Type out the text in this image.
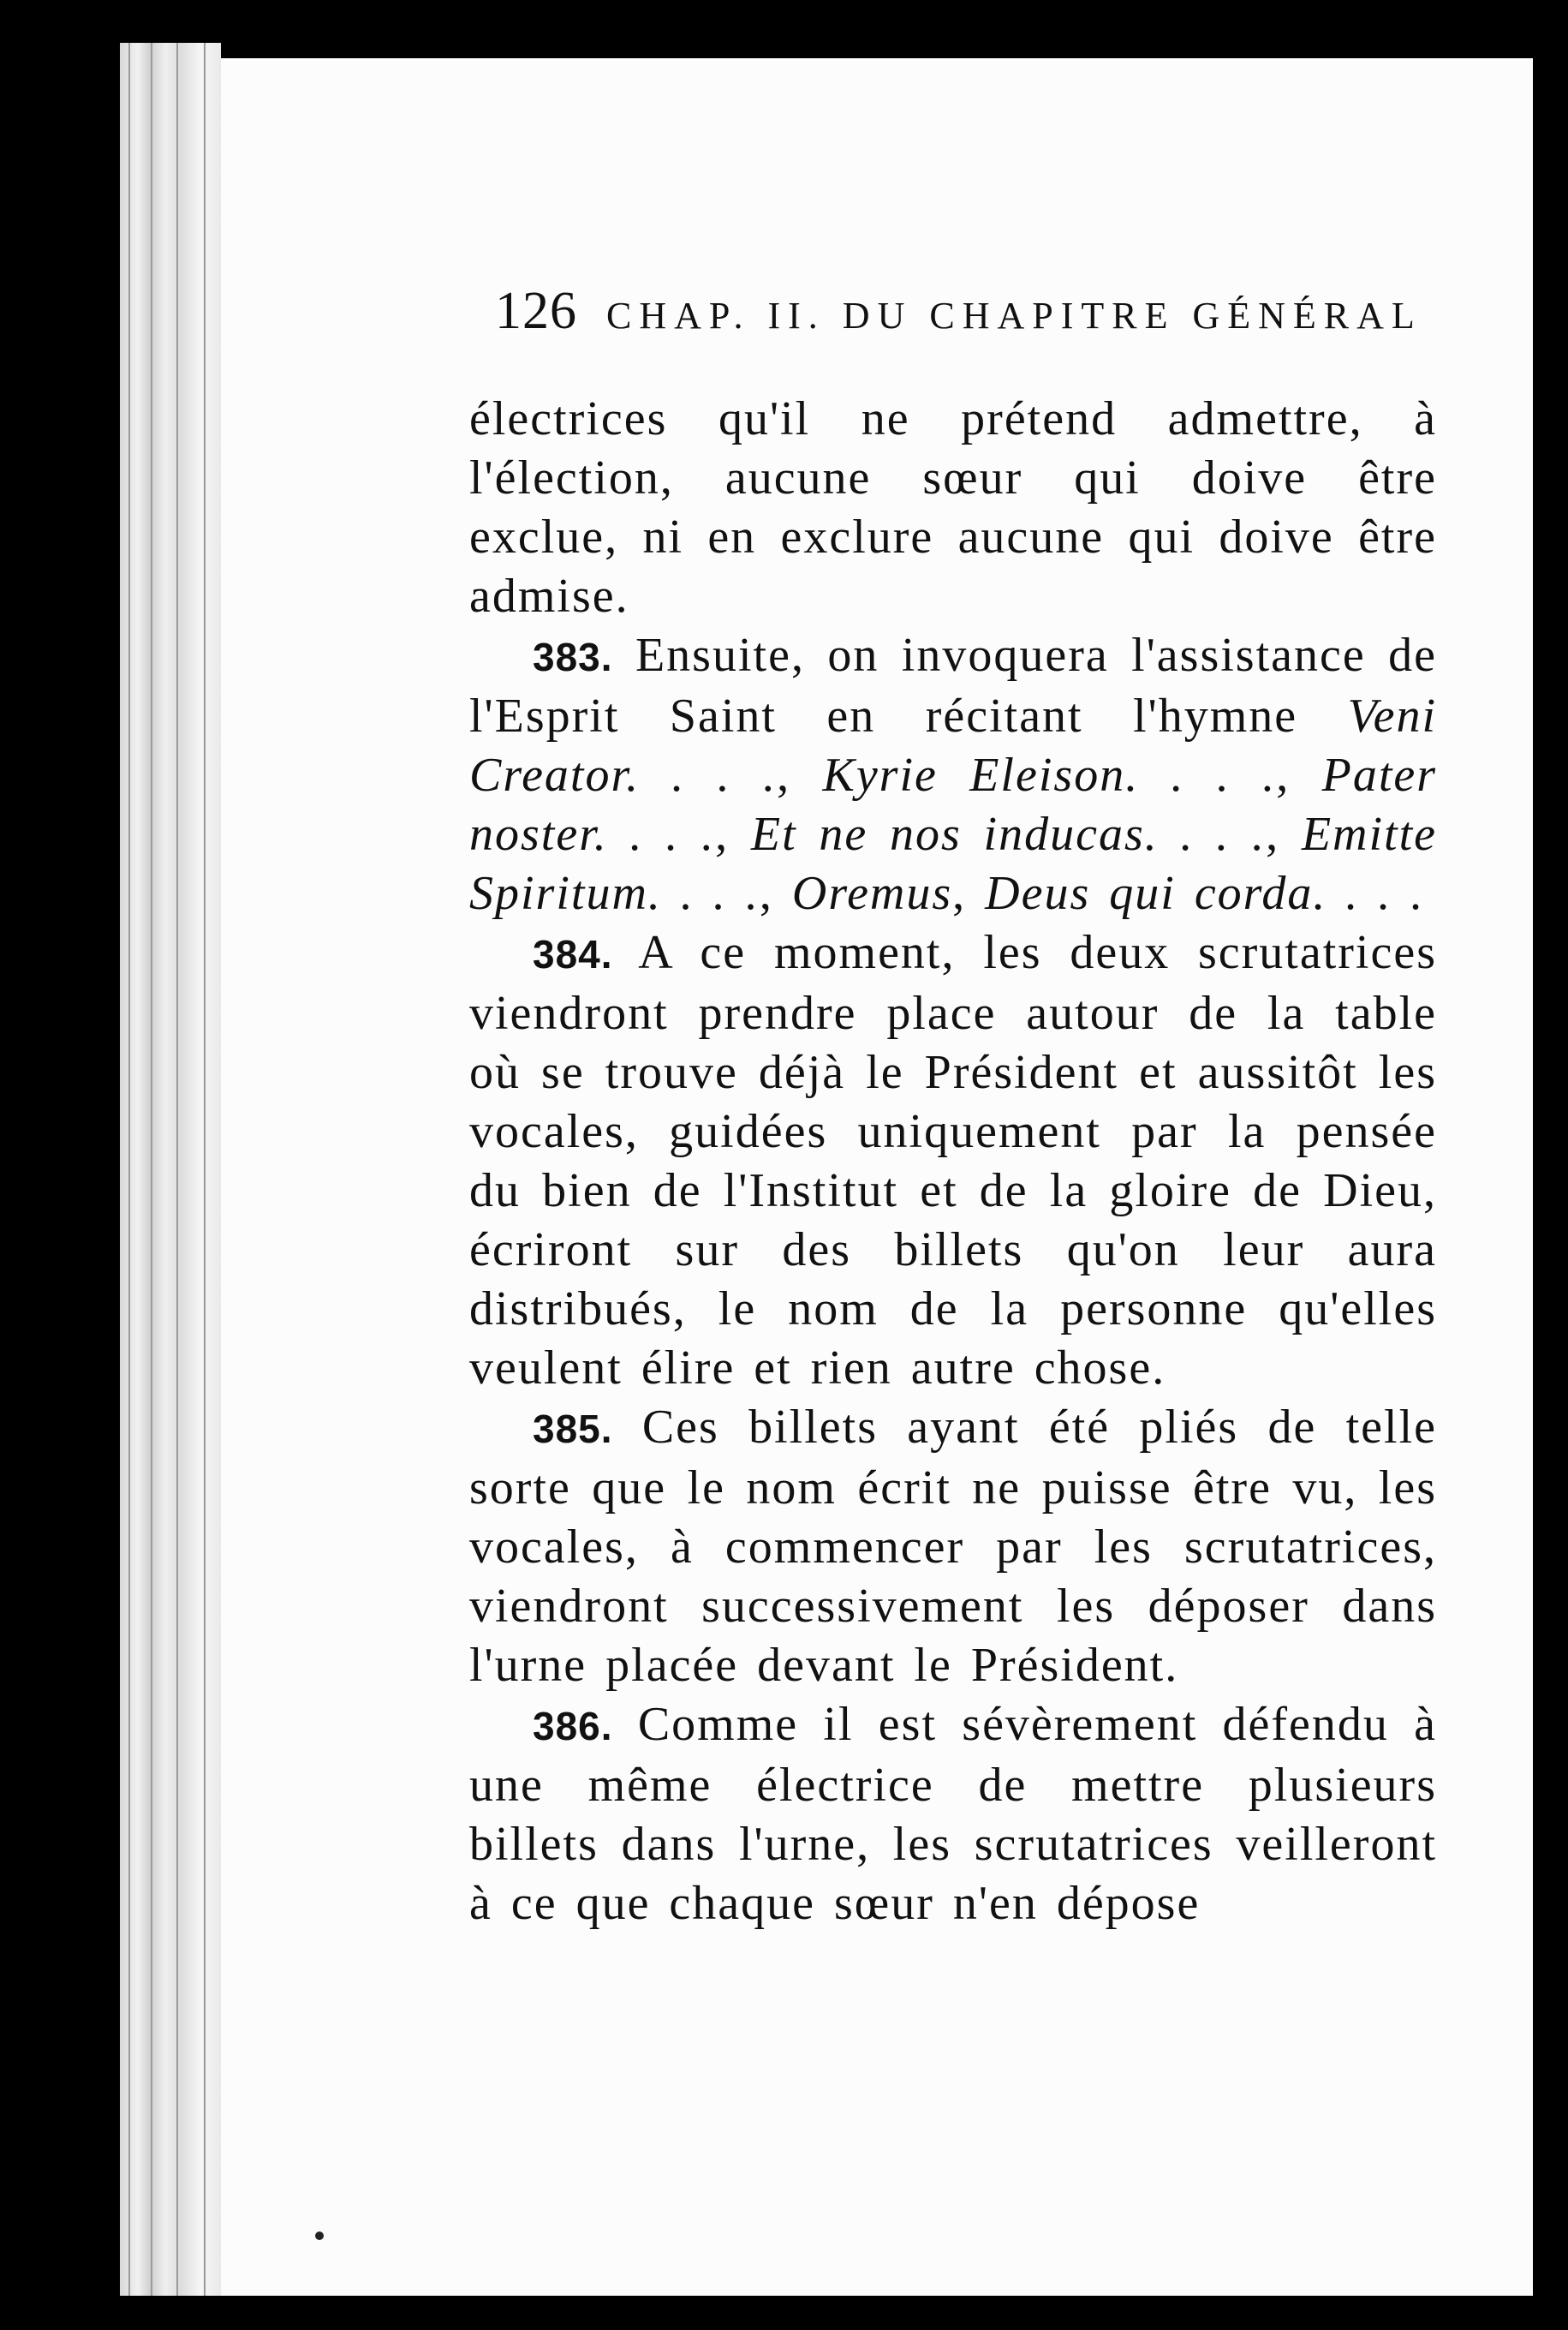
126 CHAP. II. DU CHAPITRE GÉNÉRAL

électrices qu'il ne prétend admettre, à l'élection, aucune sœur qui doive être exclue, ni en exclure aucune qui doive être admise.

383. Ensuite, on invoquera l'assistance de l'Esprit Saint en récitant l'hymne Veni Creator. . . ., Kyrie Eleison. . . ., Pater noster. . . ., Et ne nos inducas. . . ., Emitte Spiritum. . . ., Oremus, Deus qui corda. . . .

384. A ce moment, les deux scrutatrices viendront prendre place autour de la table où se trouve déjà le Président et aussitôt les vocales, guidées uniquement par la pensée du bien de l'Institut et de la gloire de Dieu, écriront sur des billets qu'on leur aura distribués, le nom de la personne qu'elles veulent élire et rien autre chose.

385. Ces billets ayant été pliés de telle sorte que le nom écrit ne puisse être vu, les vocales, à commencer par les scrutatrices, viendront successivement les déposer dans l'urne placée devant le Président.

386. Comme il est sévèrement défendu à une même électrice de mettre plusieurs billets dans l'urne, les scrutatrices veilleront à ce que chaque sœur n'en dépose
